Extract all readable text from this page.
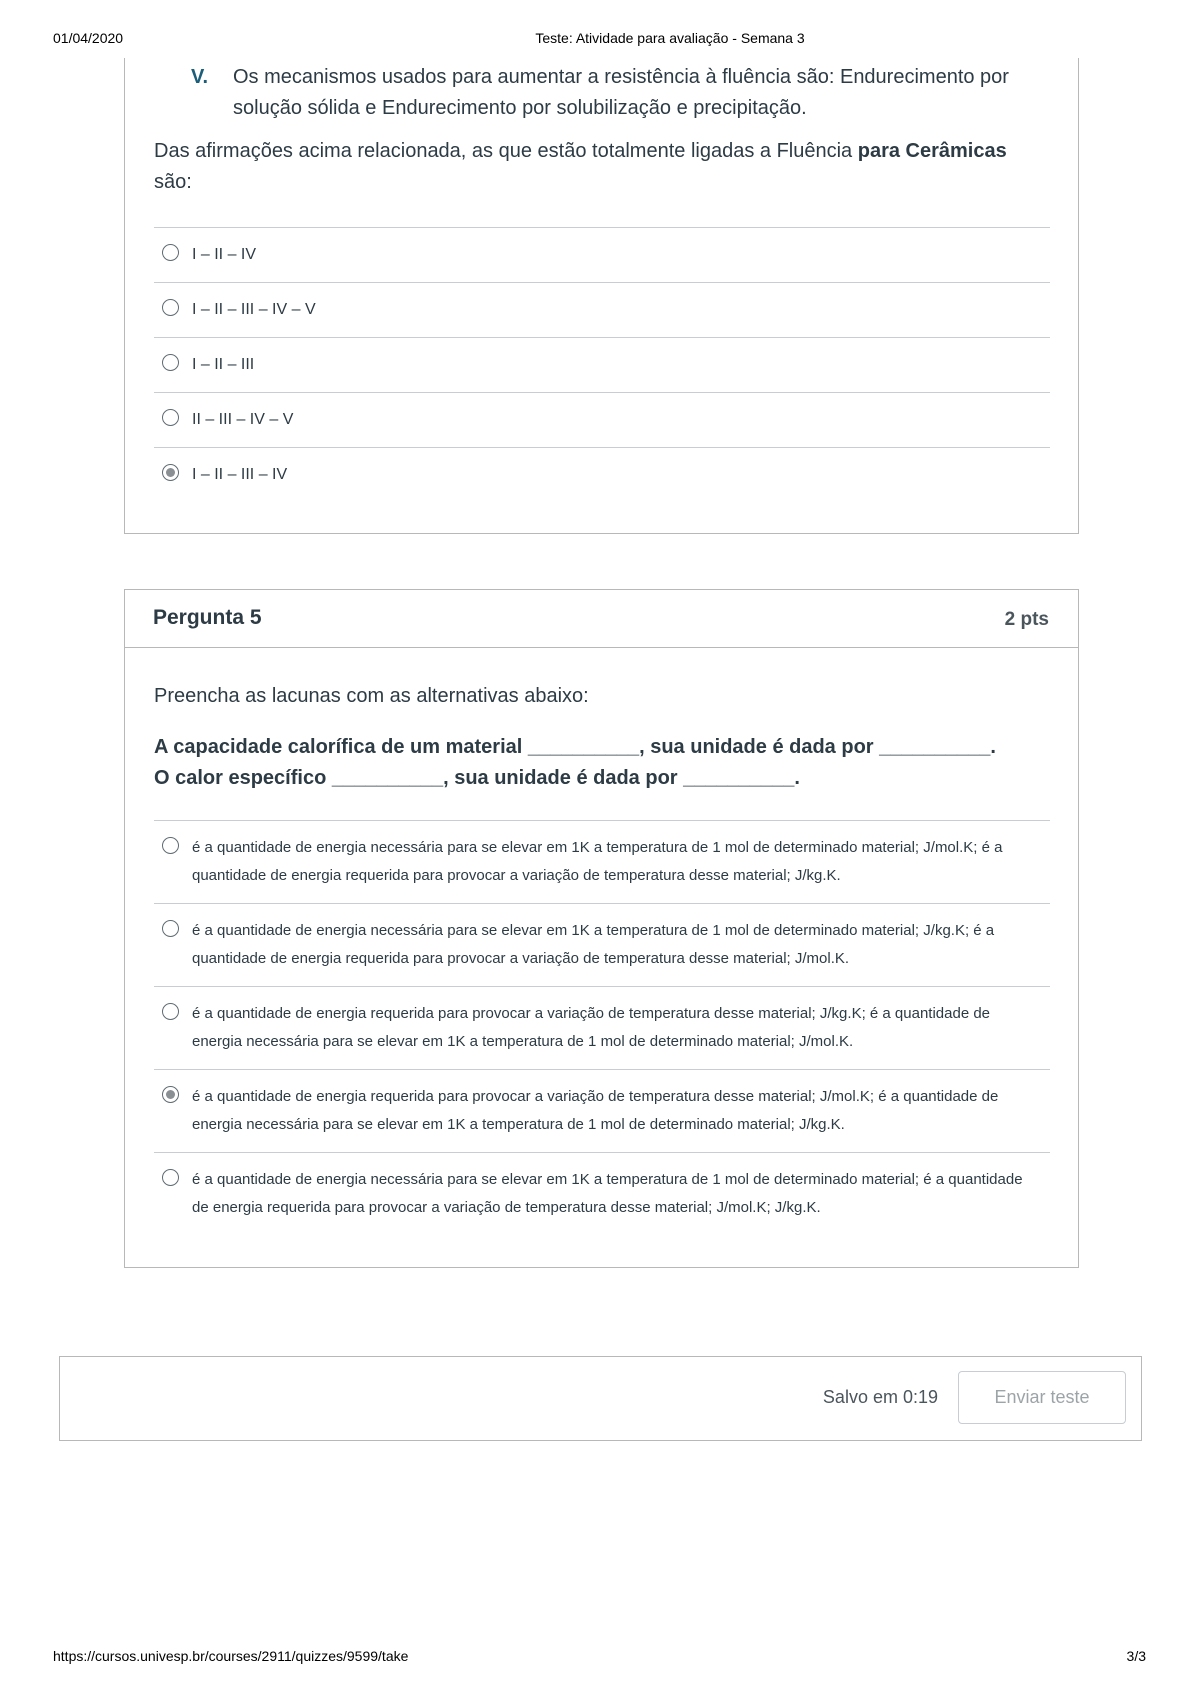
01/04/2020	Teste: Atividade para avaliação - Semana 3
V. Os mecanismos usados para aumentar a resistência à fluência são: Endurecimento por solução sólida e Endurecimento por solubilização e precipitação.
Das afirmações acima relacionada, as que estão totalmente ligadas a Fluência para Cerâmicas são:
I – II – IV
I – II – III – IV – V
I – II – III
II – III – IV – V
I – II – III – IV
Pergunta 5	2 pts
Preencha as lacunas com as alternativas abaixo:
A capacidade calorífica de um material __________, sua unidade é dada por __________.
O calor específico __________, sua unidade é dada por __________.
é a quantidade de energia necessária para se elevar em 1K a temperatura de 1 mol de determinado material; J/mol.K; é a quantidade de energia requerida para provocar a variação de temperatura desse material; J/kg.K.
é a quantidade de energia necessária para se elevar em 1K a temperatura de 1 mol de determinado material; J/kg.K; é a quantidade de energia requerida para provocar a variação de temperatura desse material; J/mol.K.
é a quantidade de energia requerida para provocar a variação de temperatura desse material; J/kg.K; é a quantidade de energia necessária para se elevar em 1K a temperatura de 1 mol de determinado material; J/mol.K.
é a quantidade de energia requerida para provocar a variação de temperatura desse material; J/mol.K; é a quantidade de energia necessária para se elevar em 1K a temperatura de 1 mol de determinado material; J/kg.K.
é a quantidade de energia necessária para se elevar em 1K a temperatura de 1 mol de determinado material; é a quantidade de energia requerida para provocar a variação de temperatura desse material; J/mol.K; J/kg.K.
Salvo em 0:19	Enviar teste
https://cursos.univesp.br/courses/2911/quizzes/9599/take	3/3
